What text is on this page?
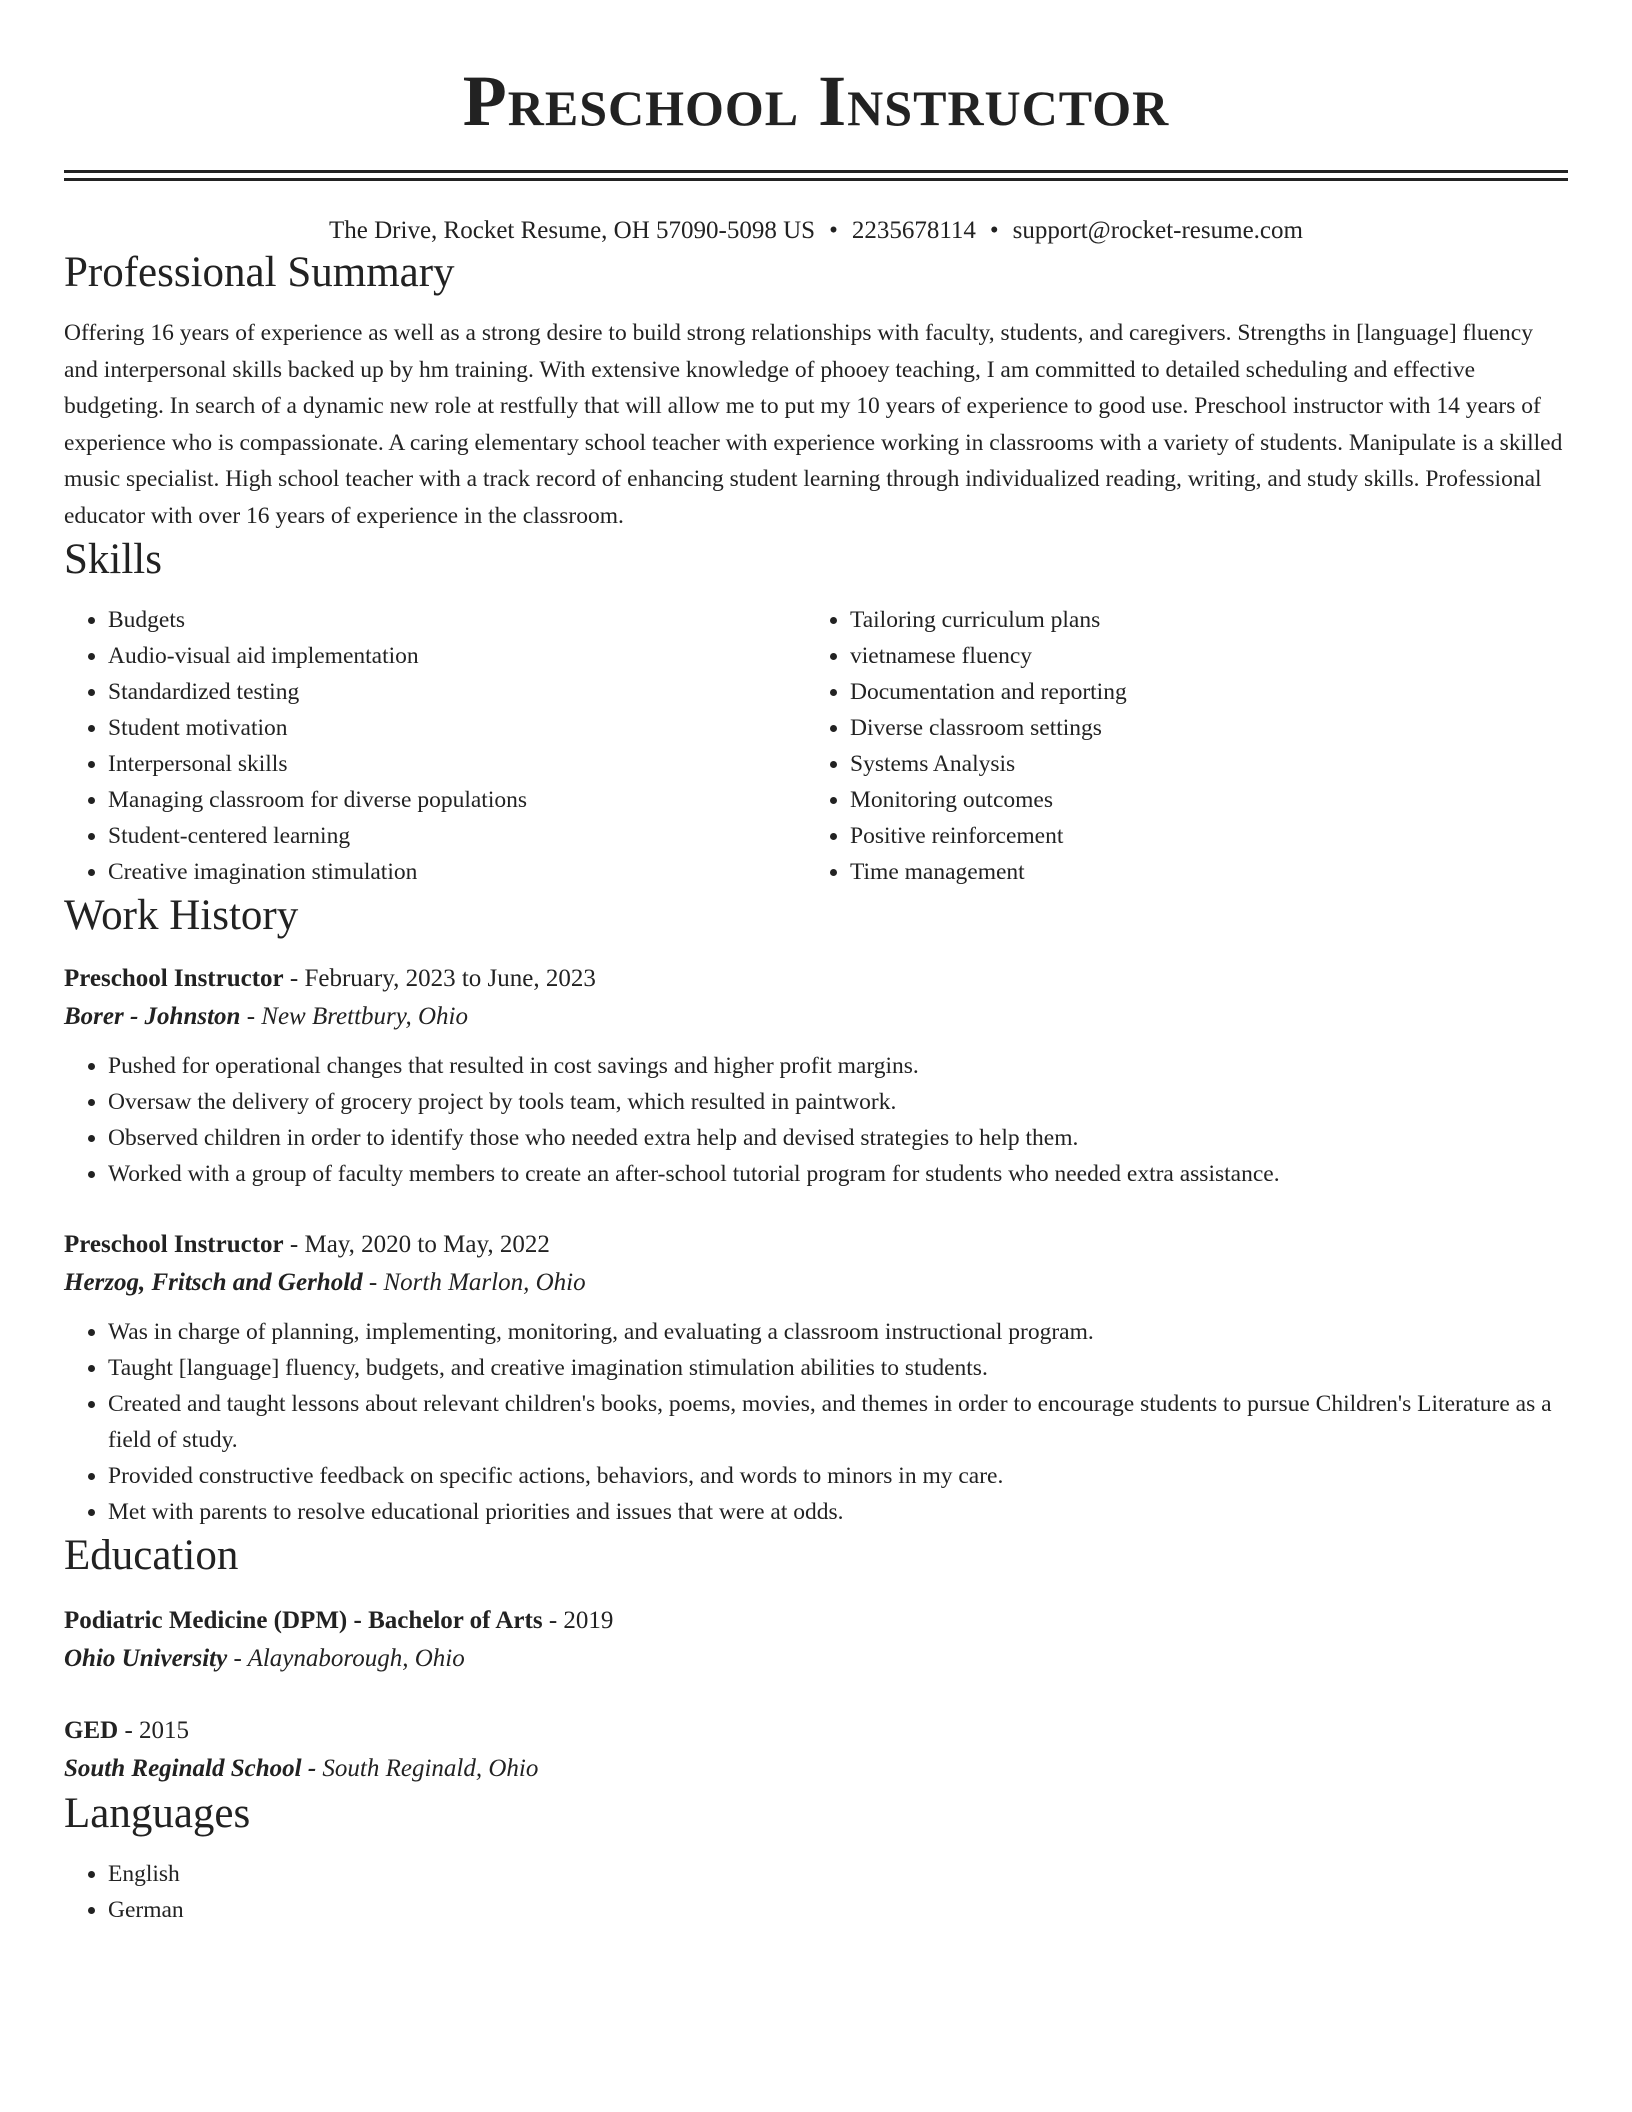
Preschool Instructor
The Drive, Rocket Resume, OH 57090-5098 US • 2235678114 • support@rocket-resume.com
Professional Summary

Offering 16 years of experience as well as a strong desire to build strong relationships with faculty, students, and caregivers. Strengths in [language] fluency and interpersonal skills backed up by hm training. With extensive knowledge of phooey teaching, I am committed to detailed scheduling and effective budgeting. In search of a dynamic new role at restfully that will allow me to put my 10 years of experience to good use. Preschool instructor with 14 years of experience who is compassionate. A caring elementary school teacher with experience working in classrooms with a variety of students. Manipulate is a skilled music specialist. High school teacher with a track record of enhancing student learning through individualized reading, writing, and study skills. Professional educator with over 16 years of experience in the classroom.

Skills
• Budgets
• Audio-visual aid implementation
• Standardized testing
• Student motivation
• Interpersonal skills
• Managing classroom for diverse populations
• Student-centered learning
• Creative imagination stimulation
• Tailoring curriculum plans
• vietnamese fluency
• Documentation and reporting
• Diverse classroom settings
• Systems Analysis
• Monitoring outcomes
• Positive reinforcement
• Time management
Work History
Preschool Instructor - February, 2023 to June, 2023
Borer - Johnston - New Brettbury, Ohio
• Pushed for operational changes that resulted in cost savings and higher profit margins.
• Oversaw the delivery of grocery project by tools team, which resulted in paintwork.
• Observed children in order to identify those who needed extra help and devised strategies to help them.
• Worked with a group of faculty members to create an after-school tutorial program for students who needed extra assistance.
Preschool Instructor - May, 2020 to May, 2022
Herzog, Fritsch and Gerhold - North Marlon, Ohio
• Was in charge of planning, implementing, monitoring, and evaluating a classroom instructional program.
• Taught [language] fluency, budgets, and creative imagination stimulation abilities to students.
• Created and taught lessons about relevant children's books, poems, movies, and themes in order to encourage students to pursue Children's Literature as a field of study.
• Provided constructive feedback on specific actions, behaviors, and words to minors in my care.
• Met with parents to resolve educational priorities and issues that were at odds.
Education
Podiatric Medicine (DPM) - Bachelor of Arts - 2019
Ohio University - Alaynaborough, Ohio
GED - 2015
South Reginald School - South Reginald, Ohio
Languages
• English
• German
